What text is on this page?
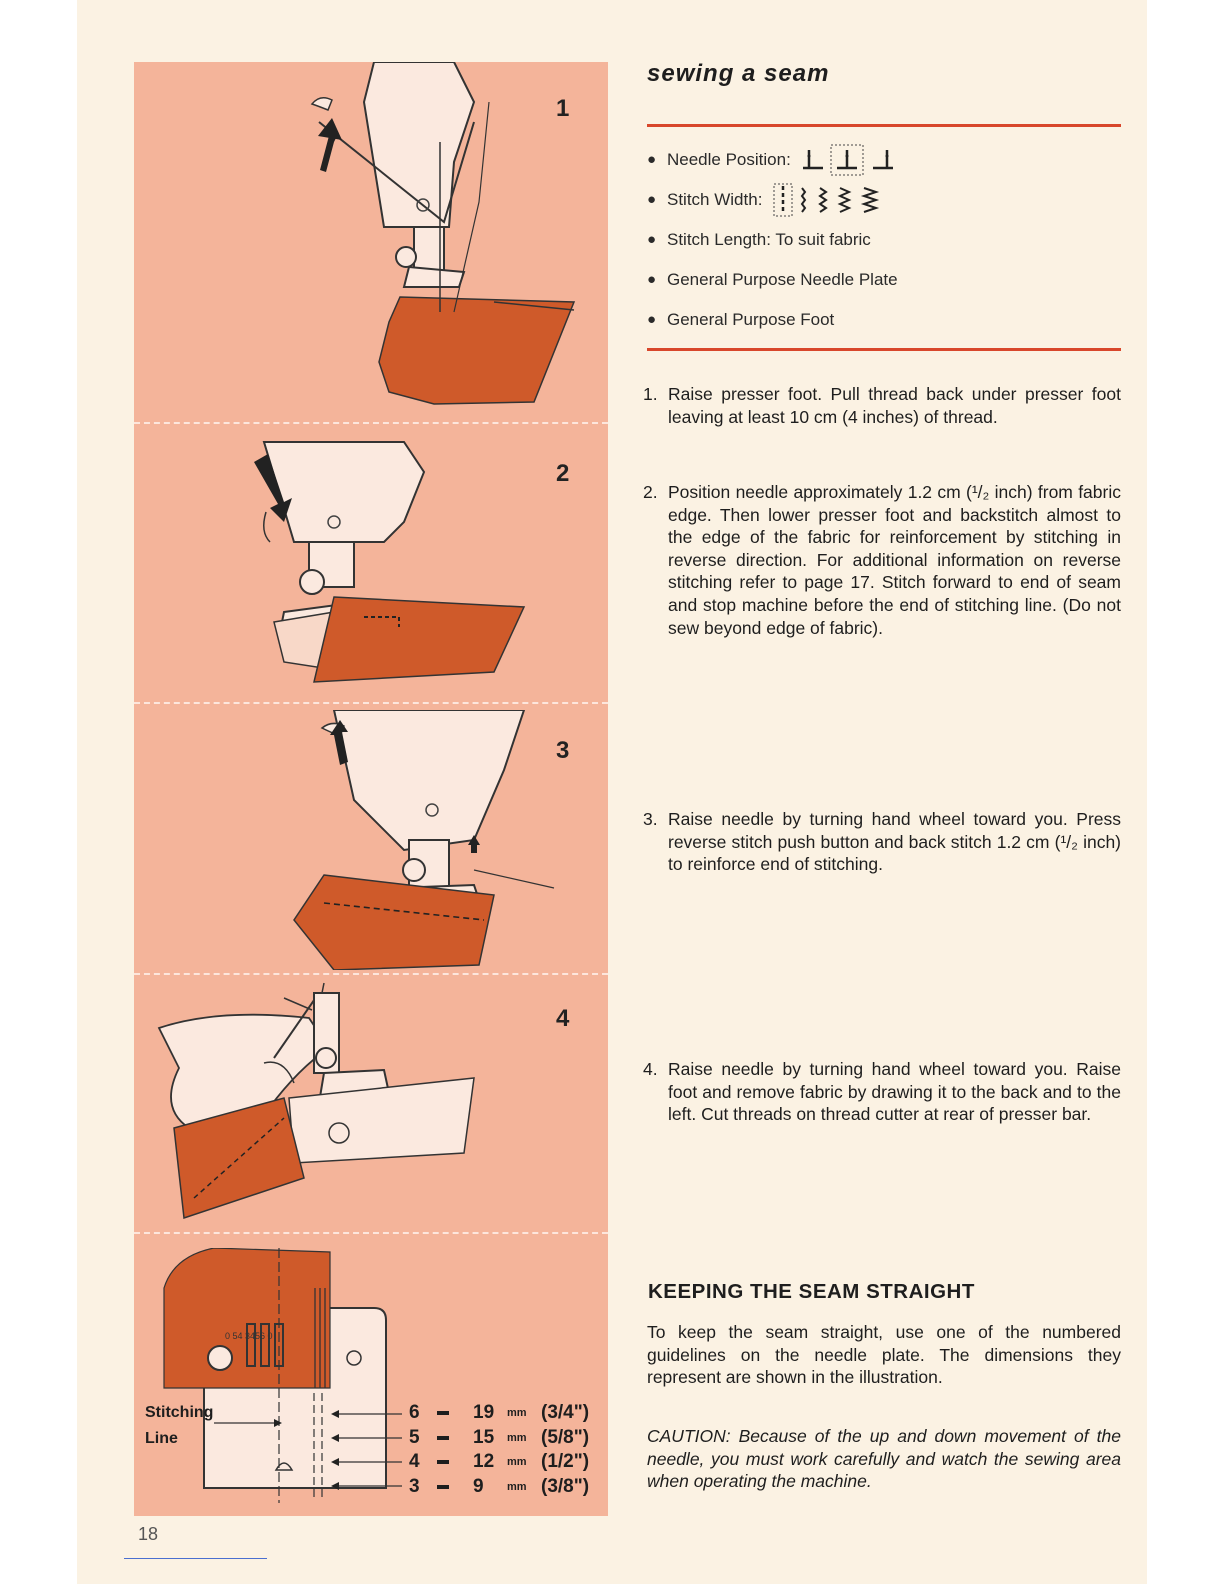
1
2
3
4
0 54 3456 0
Stitching
Line
6	19	mm (3/4")
5	15	mm (5/8")
4	12	mm (1/2")
3	9	mm (3/8")
sewing a seam
● Needle Position:
● Stitch Width:
● Stitch Length: To suit fabric
● General Purpose Needle Plate
● General Purpose Foot
1. Raise presser foot. Pull thread back under presser foot leaving at least 10 cm (4 inches) of thread.
2. Position needle approximately 1.2 cm (¹/₂ inch) from fabric edge. Then lower presser foot and backstitch almost to the edge of the fabric for reinforcement by stitching in reverse direction. For additional information on reverse stitching refer to page 17. Stitch forward to end of seam and stop machine before the end of stitching line. (Do not sew beyond edge of fabric).
3. Raise needle by turning hand wheel toward you. Press reverse stitch push button and back stitch 1.2 cm (¹/₂ inch) to reinforce end of stitching.
4. Raise needle by turning hand wheel toward you. Raise foot and remove fabric by drawing it to the back and to the left. Cut threads on thread cutter at rear of presser bar.
KEEPING THE SEAM STRAIGHT
To keep the seam straight, use one of the numbered guidelines on the needle plate. The dimensions they represent are shown in the illustration.
CAUTION: Because of the up and down movement of the needle, you must work carefully and watch the sewing area when operating the machine.
18
